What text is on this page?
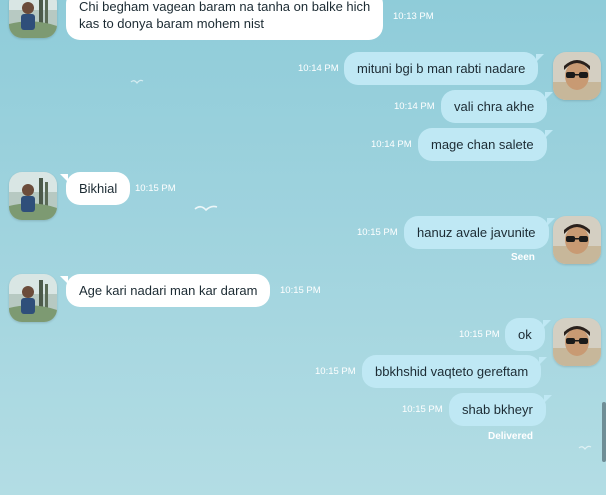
Chi begham vagean baram na tanha on balke hich
kas to donya baram mohem nist	10:13 PM
mituni bgi b man rabti nadare
10:14 PM
vali chra akhe
10:14 PM
mage chan salete
10:14 PM
Bikhial	10:15 PM
hanuz avale javunite
10:15 PM
Seen
Age kari nadari man kar daram	10:15 PM
ok
10:15 PM
bbkhshid vaqteto gereftam
10:15 PM
shab bkheyr
10:15 PM
Delivered
